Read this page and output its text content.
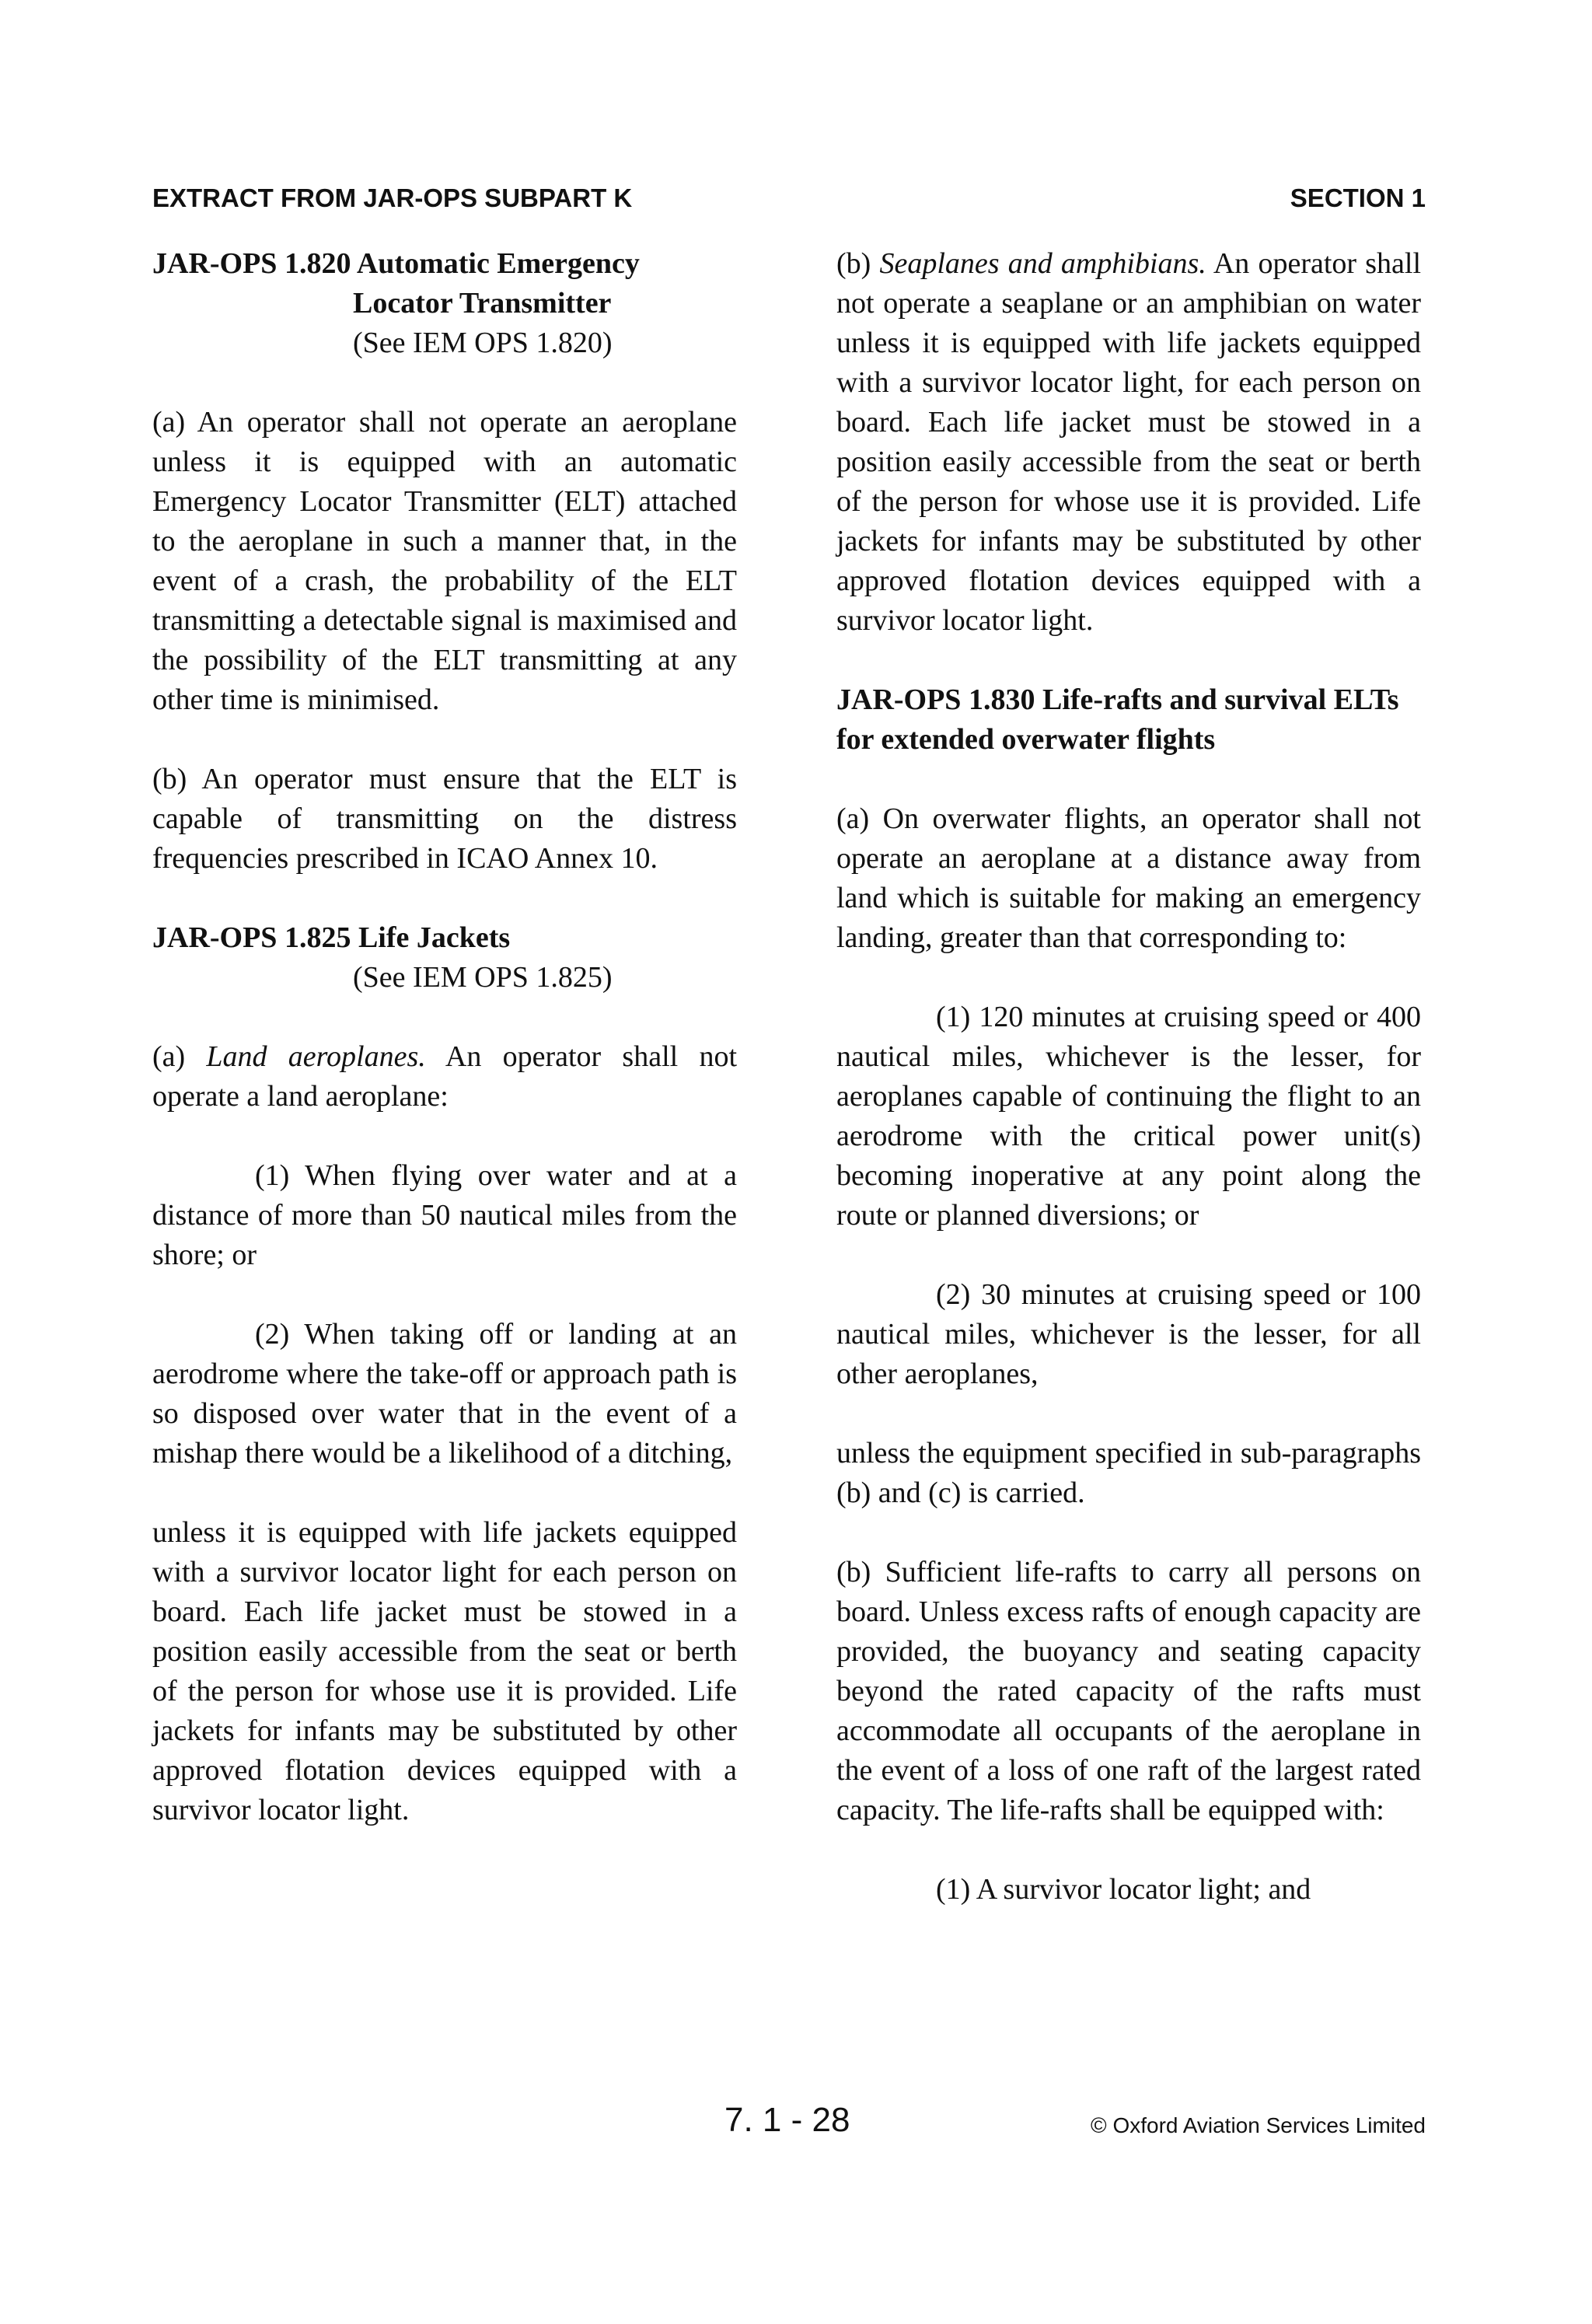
EXTRACT FROM JAR-OPS SUBPART K	SECTION 1

JAR-OPS 1.820 Automatic Emergency

Locator Transmitter

(See IEM OPS 1.820)

(a) An operator shall not operate an aeroplane unless it is equipped with an automatic Emergency Locator Transmitter (ELT) attached to the aeroplane in such a manner that, in the event of a crash, the probability of the ELT transmitting a detectable signal is maximised and the possibility of the ELT transmitting at any other time is minimised.

(b) An operator must ensure that the ELT is capable of transmitting on the distress frequencies prescribed in ICAO Annex 10.

JAR-OPS 1.825 Life Jackets

(See IEM OPS 1.825)

(a) Land aeroplanes. An operator shall not operate a land aeroplane:

(1) When flying over water and at a distance of more than 50 nautical miles from the shore; or

(2) When taking off or landing at an aerodrome where the take-off or approach path is so disposed over water that in the event of a mishap there would be a likelihood of a ditching,

unless it is equipped with life jackets equipped with a survivor locator light for each person on board. Each life jacket must be stowed in a position easily accessible from the seat or berth of the person for whose use it is provided. Life jackets for infants may be substituted by other approved flotation devices equipped with a survivor locator light.

(b) Seaplanes and amphibians. An operator shall not operate a seaplane or an amphibian on water unless it is equipped with life jackets equipped with a survivor locator light, for each person on board. Each life jacket must be stowed in a position easily accessible from the seat or berth of the person for whose use it is provided. Life jackets for infants may be substituted by other approved flotation devices equipped with a survivor locator light.

JAR-OPS 1.830 Life-rafts and survival ELTs for extended overwater flights

(a) On overwater flights, an operator shall not operate an aeroplane at a distance away from land which is suitable for making an emergency landing, greater than that corresponding to:

(1) 120 minutes at cruising speed or 400 nautical miles, whichever is the lesser, for aeroplanes capable of continuing the flight to an aerodrome with the critical power unit(s) becoming inoperative at any point along the route or planned diversions; or

(2) 30 minutes at cruising speed or 100 nautical miles, whichever is the lesser, for all other aeroplanes,

unless the equipment specified in sub-paragraphs (b) and (c) is carried.

(b) Sufficient life-rafts to carry all persons on board. Unless excess rafts of enough capacity are provided, the buoyancy and seating capacity beyond the rated capacity of the rafts must accommodate all occupants of the aeroplane in the event of a loss of one raft of the largest rated capacity. The life-rafts shall be equipped with:

(1) A survivor locator light; and

7. 1 - 28	© Oxford Aviation Services Limited
